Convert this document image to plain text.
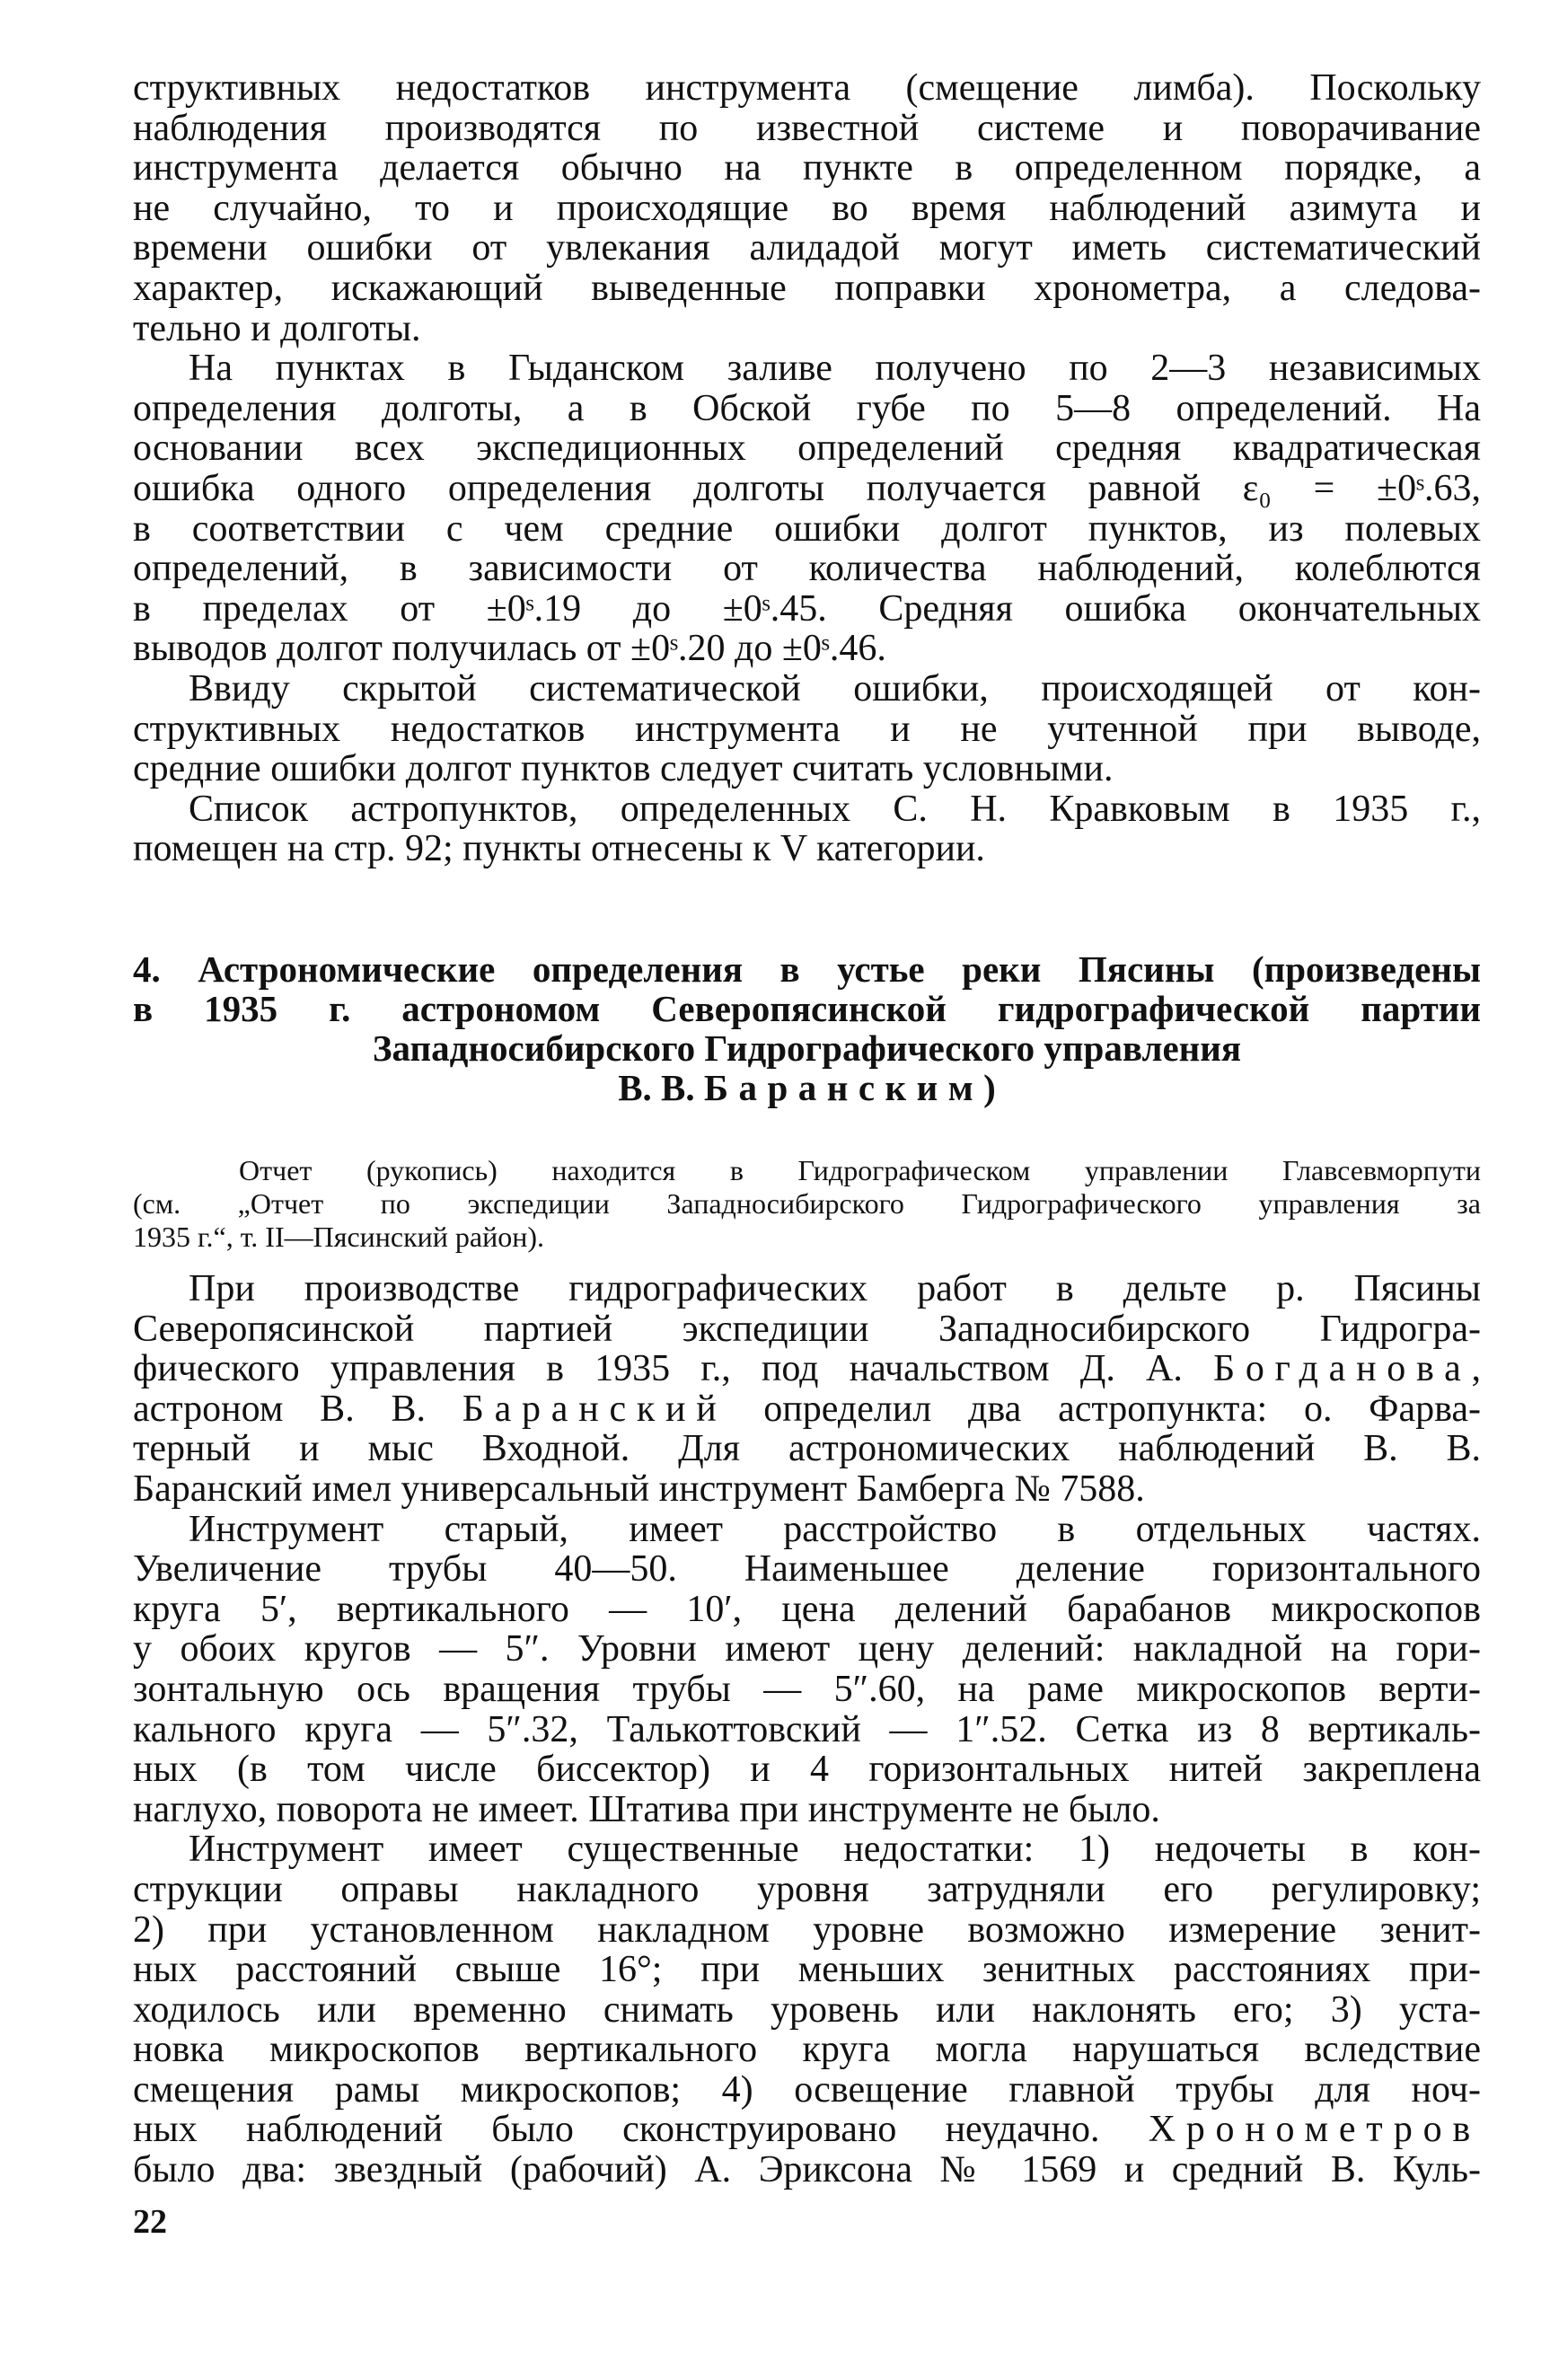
структивных недостатков инструмента (смещение лимба). Поскольку
наблюдения производятся по известной системе и поворачивание
инструмента делается обычно на пункте в определенном порядке, а
не случайно, то и происходящие во время наблюдений азимута и
времени ошибки от увлекания алидадой могут иметь систематический
характер, искажающий выведенные поправки хронометра, а следова-
тельно и долготы.
На пунктах в Гыданском заливе получено по 2—3 независимых
определения долготы, а в Обской губе по 5—8 определений. На
основании всех экспедиционных определений средняя квадратическая
ошибка одного определения долготы получается равной ε₀ = ±0ˢ.63,
в соответствии с чем средние ошибки долгот пунктов, из полевых
определений, в зависимости от количества наблюдений, колеблются
в пределах от ±0ˢ.19 до ±0ˢ.45. Средняя ошибка окончательных
выводов долгот получилась от ±0ˢ.20 до ±0ˢ.46.
Ввиду скрытой систематической ошибки, происходящей от кон-
структивных недостатков инструмента и не учтенной при выводе,
средние ошибки долгот пунктов следует считать условными.
Список астропунктов, определенных С. Н. Кравковым в 1935 г.,
помещен на стр. 92; пункты отнесены к V категории.
4. Астрономические определения в устье реки Пясины (произведены
в 1935 г. астрономом Северопясинской гидрографической партии
Западносибирского Гидрографического управления
В. В. Баранским)
Отчет (рукопись) находится в Гидрографическом управлении Главсевморпути
(см. „Отчет по экспедиции Западносибирского Гидрографического управления за
1935 г.“, т. II—Пясинский район).
При производстве гидрографических работ в дельте р. Пясины
Северопясинской партией экспедиции Западносибирского Гидрогра-
фического управления в 1935 г., под начальством Д. А. Богданова,
астроном В. В. Баранский определил два астропункта: о. Фарва-
терный и мыс Входной. Для астрономических наблюдений В. В.
Баранский имел универсальный инструмент Бамберга № 7588.
Инструмент старый, имеет расстройство в отдельных частях.
Увеличение трубы 40—50. Наименьшее деление горизонтального
круга 5′, вертикального — 10′, цена делений барабанов микроскопов
у обоих кругов — 5″. Уровни имеют цену делений: накладной на гори-
зонтальную ось вращения трубы — 5″.60, на раме микроскопов верти-
кального круга — 5″.32, Талькоттовский — 1″.52. Сетка из 8 вертикаль-
ных (в том числе биссектор) и 4 горизонтальных нитей закреплена
наглухо, поворота не имеет. Штатива при инструменте не было.
Инструмент имеет существенные недостатки: 1) недочеты в кон-
струкции оправы накладного уровня затрудняли его регулировку;
2) при установленном накладном уровне возможно измерение зенит-
ных расстояний свыше 16°; при меньших зенитных расстояниях при-
ходилось или временно снимать уровень или наклонять его; 3) уста-
новка микроскопов вертикального круга могла нарушаться вследствие
смещения рамы микроскопов; 4) освещение главной трубы для ноч-
ных наблюдений было сконструировано неудачно. Хронометров
было два: звездный (рабочий) А. Эриксона № 1569 и средний В. Куль-
22
